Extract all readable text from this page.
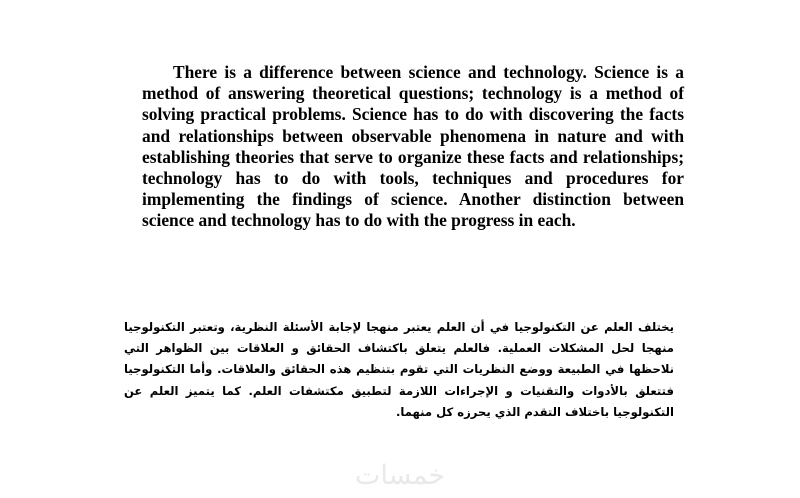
There is a difference between science and technology. Science is a method of answering theoretical questions; technology is a method of solving practical problems. Science has to do with discovering the facts and relationships between observable phenomena in nature and with establishing theories that serve to organize these facts and relationships; technology has to do with tools, techniques and procedures for implementing the findings of science. Another distinction between science and technology has to do with the progress in each.

يختلف العلم عن التكنولوجيا في أن العلم يعتبر منهجا لإجابة الأسئلة النظرية، وتعتبر التكنولوجيا منهجا لحل المشكلات العملية. فالعلم يتعلق باكتشاف الحقائق و العلاقات بين الظواهر التي نلاحظها في الطبيعة ووضع النظريات التي تقوم بتنظيم هذه الحقائق والعلاقات. وأما التكنولوجيا فتتعلق بالأدوات والتقنيات و الإجراءات اللازمة لتطبيق مكتشفات العلم. كما يتميز العلم عن التكنولوجيا باختلاف التقدم الذي يحرزه كل منهما.

خمسات
